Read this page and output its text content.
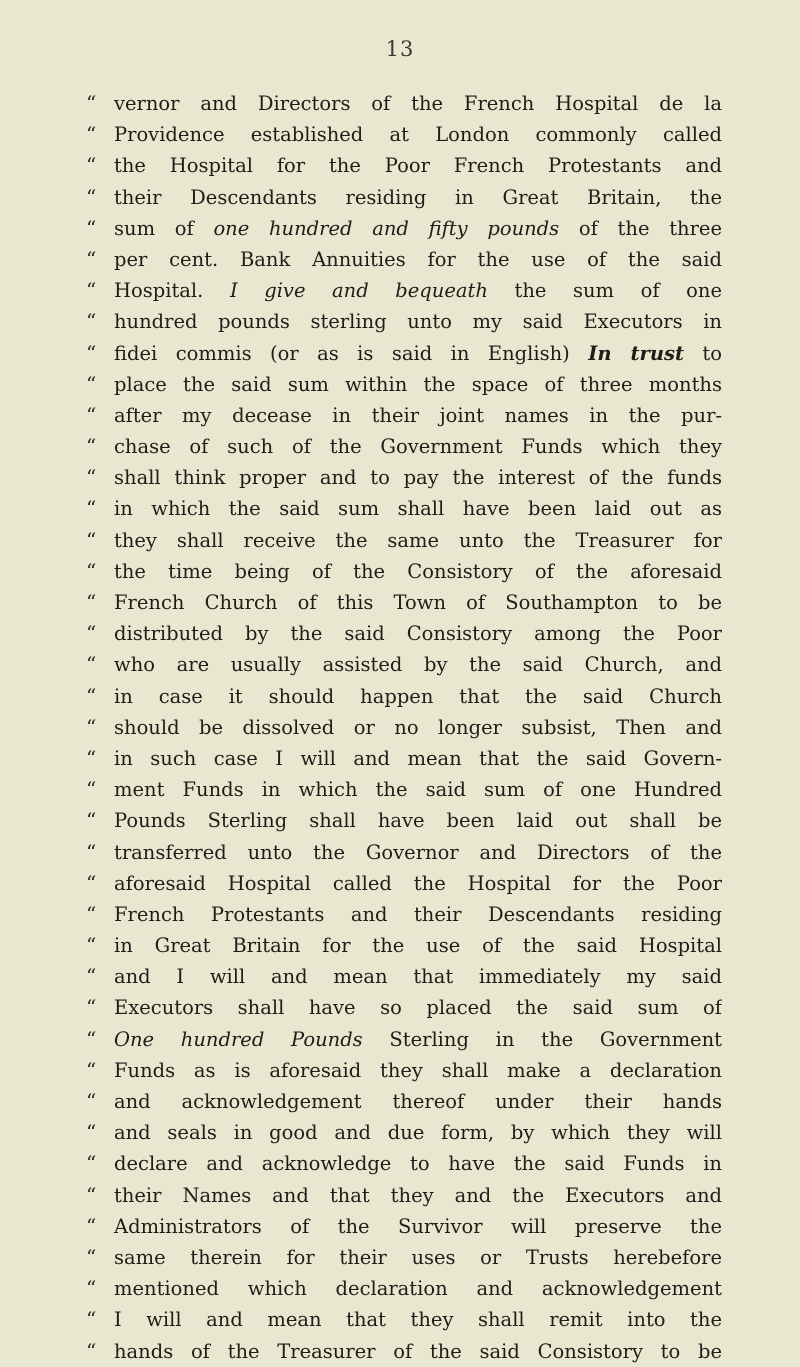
13
“ vernor and Directors of the French Hospital de la
“ Providence established at London commonly called
“ the Hospital for the Poor French Protestants and
“ their Descendants residing in Great Britain, the
“ sum of one hundred and fifty pounds of the three
“ per cent. Bank Annuities for the use of the said
“ Hospital. I give and bequeath the sum of one
“ hundred pounds sterling unto my said Executors in
“ fidei commis (or as is said in English) In trust to
“ place the said sum within the space of three months
“ after my decease in their joint names in the pur-
“ chase of such of the Government Funds which they
“ shall think proper and to pay the interest of the funds
“ in which the said sum shall have been laid out as
“ they shall receive the same unto the Treasurer for
“ the time being of the Consistory of the aforesaid
“ French Church of this Town of Southampton to be
“ distributed by the said Consistory among the Poor
“ who are usually assisted by the said Church, and
“ in case it should happen that the said Church
“ should be dissolved or no longer subsist, Then and
“ in such case I will and mean that the said Govern-
“ ment Funds in which the said sum of one Hundred
“ Pounds Sterling shall have been laid out shall be
“ transferred unto the Governor and Directors of the
“ aforesaid Hospital called the Hospital for the Poor
“ French Protestants and their Descendants residing
“ in Great Britain for the use of the said Hospital
“ and I will and mean that immediately my said
“ Executors shall have so placed the said sum of
“ One hundred Pounds Sterling in the Government
“ Funds as is aforesaid they shall make a declaration
“ and acknowledgement thereof under their hands
“ and seals in good and due form, by which they will
“ declare and acknowledge to have the said Funds in
“ their Names and that they and the Executors and
“ Administrators of the Survivor will preserve the
“ same therein for their uses or Trusts herebefore
“ mentioned which declaration and acknowledgement
“ I will and mean that they shall remit into the
“ hands of the Treasurer of the said Consistory to be
